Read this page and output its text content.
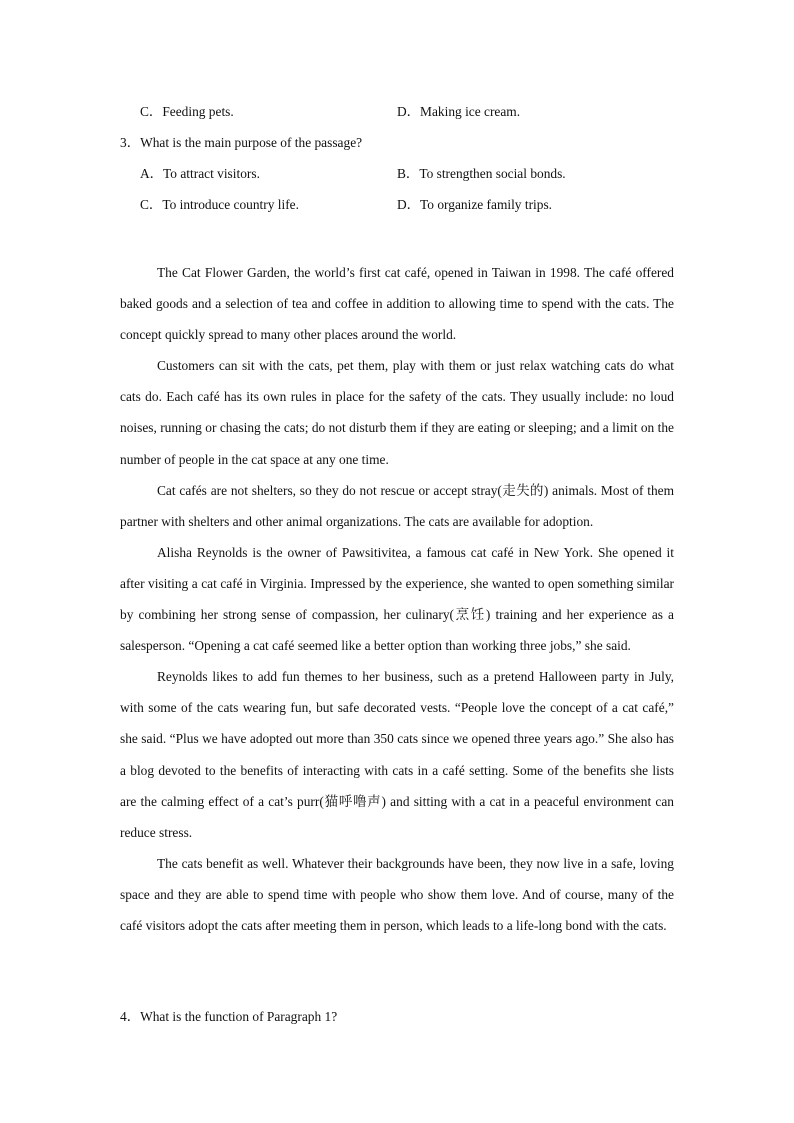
C．Feeding pets.	D．Making ice cream.
3．What is the main purpose of the passage?
A．To attract visitors.	B．To strengthen social bonds.
C．To introduce country life.	D．To organize family trips.

The Cat Flower Garden, the world’s first cat café, opened in Taiwan in 1998. The café offered baked goods and a selection of tea and coffee in addition to allowing time to spend with the cats. The concept quickly spread to many other places around the world.

Customers can sit with the cats, pet them, play with them or just relax watching cats do what cats do. Each café has its own rules in place for the safety of the cats. They usually include: no loud noises, running or chasing the cats; do not disturb them if they are eating or sleeping; and a limit on the number of people in the cat space at any one time.

Cat cafés are not shelters, so they do not rescue or accept stray(走失的) animals. Most of them partner with shelters and other animal organizations. The cats are available for adoption.

Alisha Reynolds is the owner of Pawsitivitea, a famous cat café in New York. She opened it after visiting a cat café in Virginia. Impressed by the experience, she wanted to open something similar by combining her strong sense of compassion, her culinary(烹饪) training and her experience as a salesperson. “Opening a cat café seemed like a better option than working three jobs,” she said.

Reynolds likes to add fun themes to her business, such as a pretend Halloween party in July, with some of the cats wearing fun, but safe decorated vests. “People love the concept of a cat café,” she said. “Plus we have adopted out more than 350 cats since we opened three years ago.” She also has a blog devoted to the benefits of interacting with cats in a café setting. Some of the benefits she lists are the calming effect of a cat’s purr(猫呼噜声) and sitting with a cat in a peaceful environment can reduce stress.

The cats benefit as well. Whatever their backgrounds have been, they now live in a safe, loving space and they are able to spend time with people who show them love. And of course, many of the café visitors adopt the cats after meeting them in person, which leads to a life-long bond with the cats.

4．What is the function of Paragraph 1?
